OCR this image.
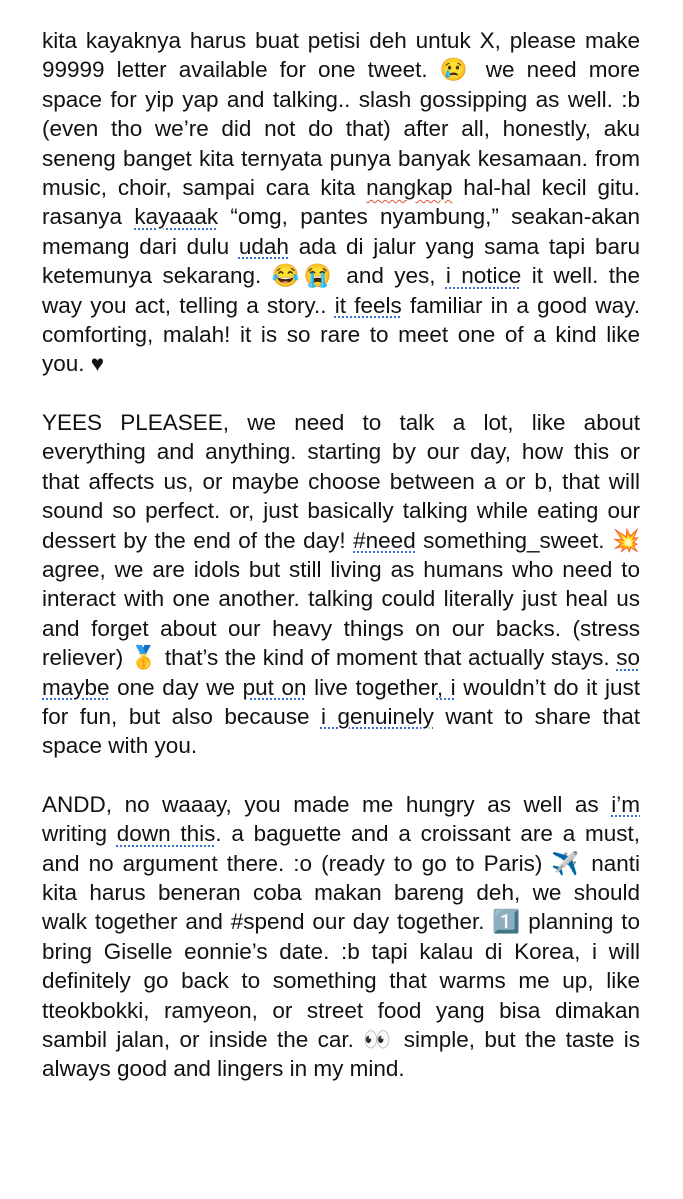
kita kayaknya harus buat petisi deh untuk X, please make 99999 letter available for one tweet. 😢 we need more space for yip yap and talking.. slash gossipping as well. :b (even tho we’re did not do that) after all, honestly, aku seneng banget kita ternyata punya banyak kesamaan. from music, choir, sampai cara kita nangkap hal-hal kecil gitu. rasanya kayaaak “omg, pantes nyambung,” seakan-akan memang dari dulu udah ada di jalur yang sama tapi baru ketemunya sekarang. 😂😭 and yes, i notice it well. the way you act, telling a story.. it feels familiar in a good way. comforting, malah! it is so rare to meet one of a kind like you. ♥

YEES PLEASEE, we need to talk a lot, like about everything and anything. starting by our day, how this or that affects us, or maybe choose between a or b, that will sound so perfect. or, just basically talking while eating our dessert by the end of the day! #need something_sweet. 💥 agree, we are idols but still living as humans who need to interact with one another. talking could literally just heal us and forget about our heavy things on our backs. (stress reliever) 🥇 that’s the kind of moment that actually stays. so maybe one day we put on live together, i wouldn’t do it just for fun, but also because i genuinely want to share that space with you.

ANDD, no waaay, you made me hungry as well as i’m writing down this. a baguette and a croissant are a must, and no argument there. :o (ready to go to Paris) ✈️ nanti kita harus beneran coba makan bareng deh, we should walk together and #spend our day together. 1️⃣ planning to bring Giselle eonnie’s date. :b tapi kalau di Korea, i will definitely go back to something that warms me up, like tteokbokki, ramyeon, or street food yang bisa dimakan sambil jalan, or inside the car. 👀 simple, but the taste is always good and lingers in my mind.
